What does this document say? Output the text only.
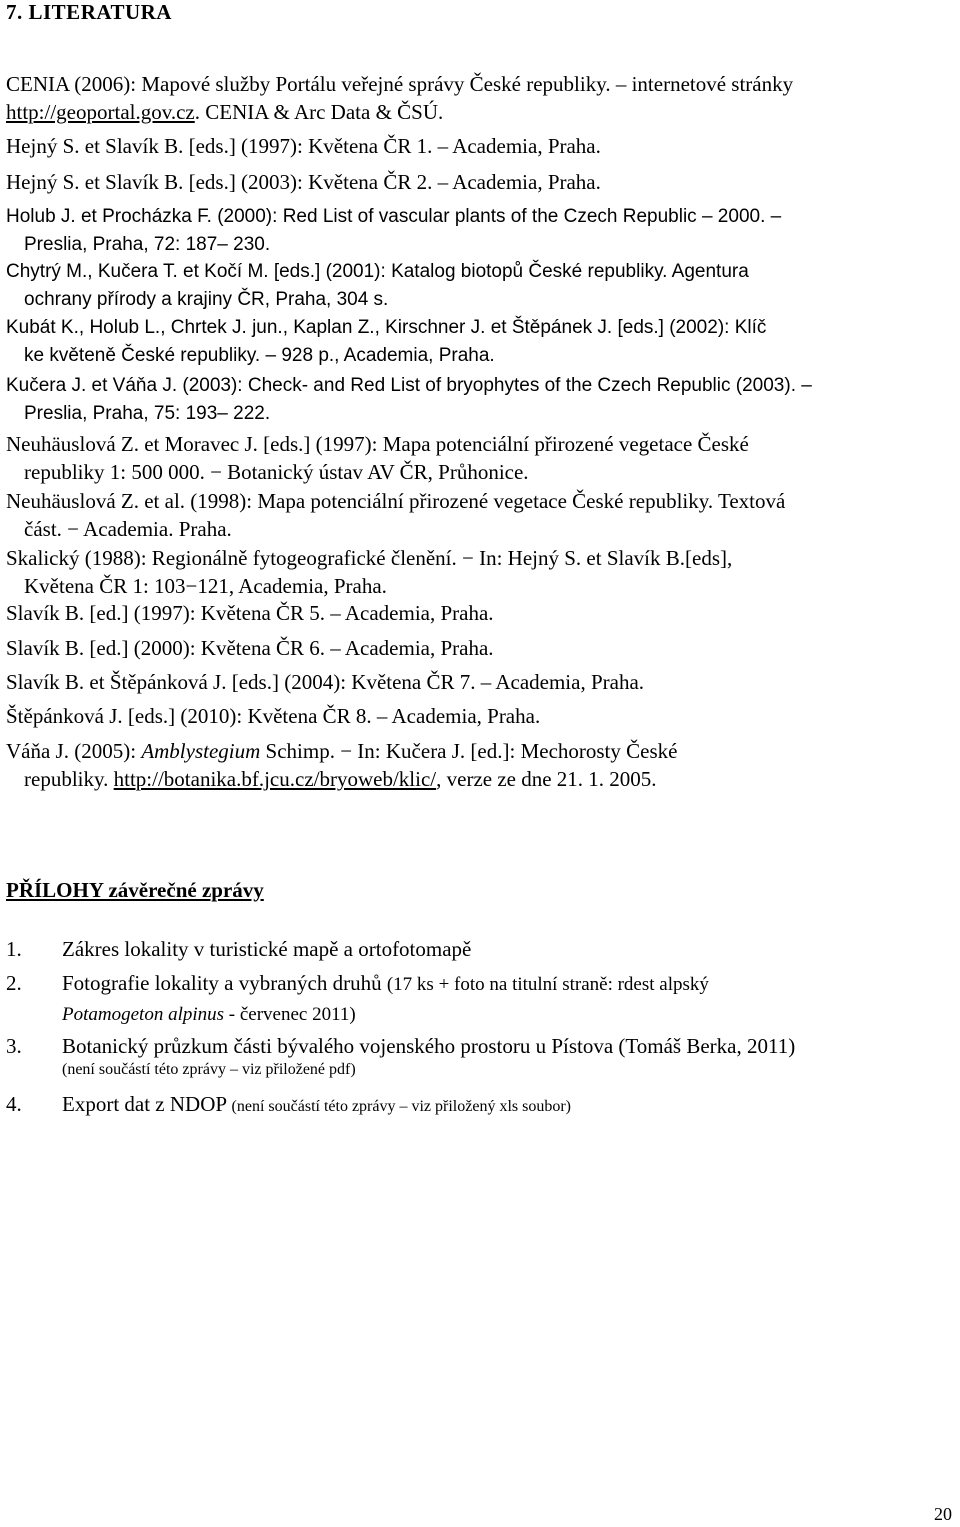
7. LITERATURA
CENIA (2006): Mapové služby Portálu veřejné správy České republiky. – internetové stránky
http://geoportal.gov.cz. CENIA & Arc Data & ČSÚ.
Hejný S. et Slavík B. [eds.] (1997): Květena ČR 1. – Academia, Praha.
Hejný S. et Slavík B. [eds.] (2003): Květena ČR 2. – Academia, Praha.
Holub J. et Procházka F. (2000): Red List of vascular plants of the Czech Republic – 2000. –
Preslia, Praha, 72: 187– 230.
Chytrý M., Kučera T. et Kočí M. [eds.] (2001): Katalog biotopů České republiky. Agentura
ochrany přírody a krajiny ČR, Praha, 304 s.
Kubát K., Holub L., Chrtek J. jun., Kaplan Z., Kirschner J. et Štěpánek J. [eds.] (2002): Klíč
ke květeně České republiky. – 928 p., Academia, Praha.
Kučera J. et Váňa J. (2003): Check- and Red List of bryophytes of the Czech Republic (2003). –
Preslia, Praha, 75: 193– 222.
Neuhäuslová Z. et Moravec J. [eds.] (1997): Mapa potenciální přirozené vegetace České
republiky 1: 500 000. − Botanický ústav AV ČR, Průhonice.
Neuhäuslová Z. et al. (1998): Mapa potenciální přirozené vegetace České republiky. Textová
část. − Academia. Praha.
Skalický (1988): Regionálně fytogeografické členění. − In: Hejný S. et Slavík B.[eds],
Květena ČR 1: 103−121, Academia, Praha.
Slavík B. [ed.] (1997): Květena ČR 5. – Academia, Praha.
Slavík B. [ed.] (2000): Květena ČR 6. – Academia, Praha.
Slavík B. et Štěpánková J. [eds.] (2004): Květena ČR 7. – Academia, Praha.
Štěpánková J. [eds.] (2010): Květena ČR 8. – Academia, Praha.
Váňa J. (2005): Amblystegium Schimp. − In: Kučera J. [ed.]: Mechorosty České
republiky. http://botanika.bf.jcu.cz/bryoweb/klic/, verze ze dne 21. 1. 2005.
PŘÍLOHY závěrečné zprávy
1. Zákres lokality v turistické mapě a ortofotomapě
2. Fotografie lokality a vybraných druhů (17 ks + foto na titulní straně: rdest alpský
Potamogeton alpinus - červenec 2011)
3. Botanický průzkum části bývalého vojenského prostoru u Pístova (Tomáš Berka, 2011)
(není součástí této zprávy – viz přiložené pdf)
4. Export dat z NDOP (není součástí této zprávy – viz přiložený xls soubor)
20
